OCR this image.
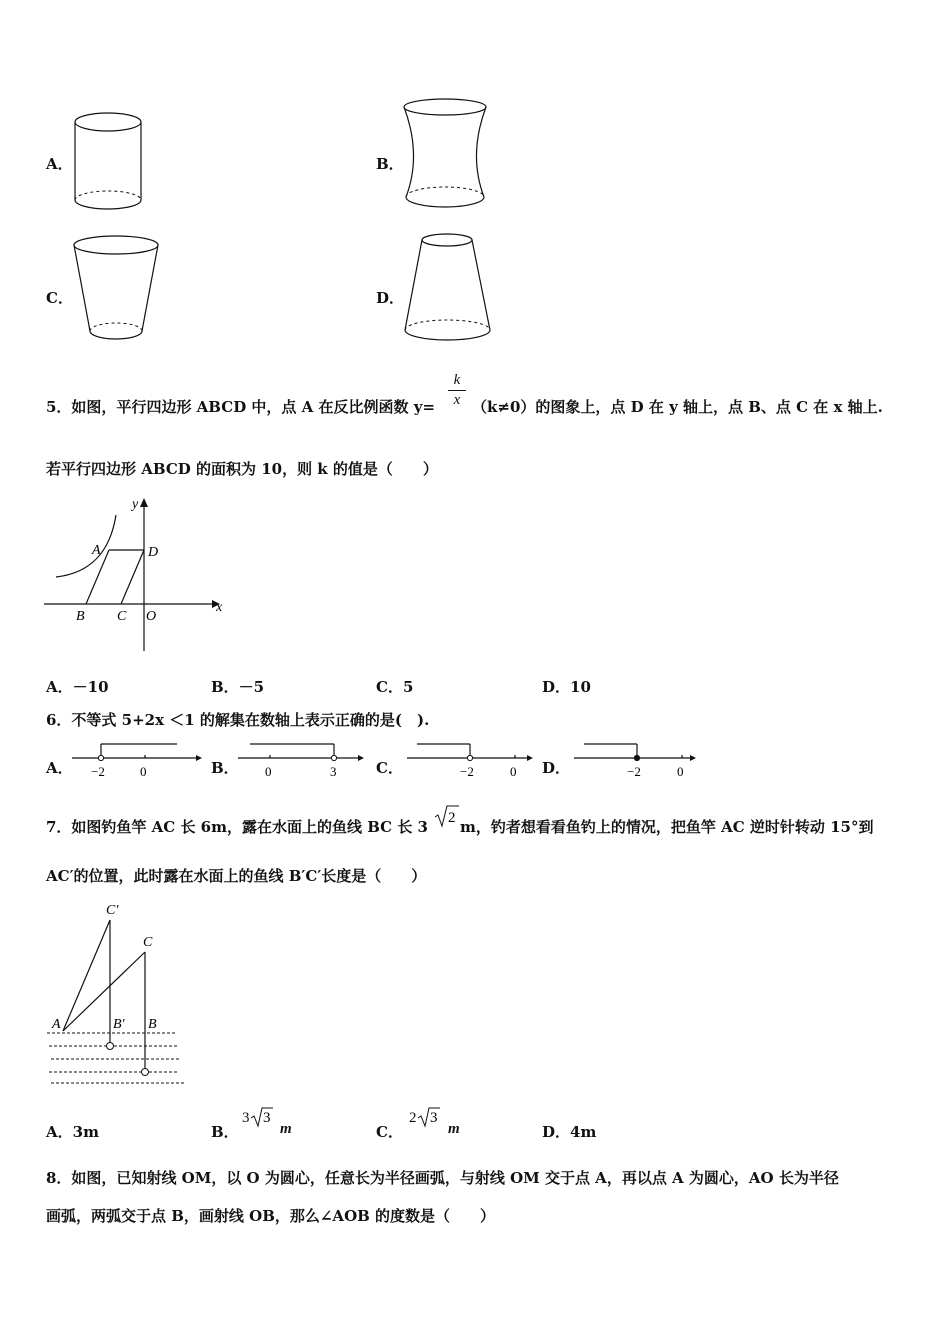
A．	B．
C．	D．
5．如图，平行四边形 ABCD 中，点 A 在反比例函数 y=
k
x （k≠0）的图象上，点 D 在 y 轴上，点 B、点 C 在 x 轴上.
若平行四边形 ABCD 的面积为 10，则 k 的值是（　　）
y
x
A	D
B C O
A．－10	B．－5	C．5	D．10
6．不等式 5+2x ＜1 的解集在数轴上表示正确的是(　).
A． −2	0	B． 0	3	C．	−2	0 D．	−2	0
7．如图钓鱼竿 AC 长 6m，露在水面上的鱼线 BC 长 3 2 m，钓者想看看鱼钓上的情况，把鱼竿 AC 逆时针转动 15°到
AC′的位置，此时露在水面上的鱼线 B′C′长度是（　　）
C′
C
A	B′ B
A．3m	B．
3 3
m	C．
2 3
m	D．4m
8．如图，已知射线 OM，以 O 为圆心，任意长为半径画弧，与射线 OM 交于点 A，再以点 A 为圆心，AO 长为半径
画弧，两弧交于点 B，画射线 OB，那么∠AOB 的度数是（　　）
